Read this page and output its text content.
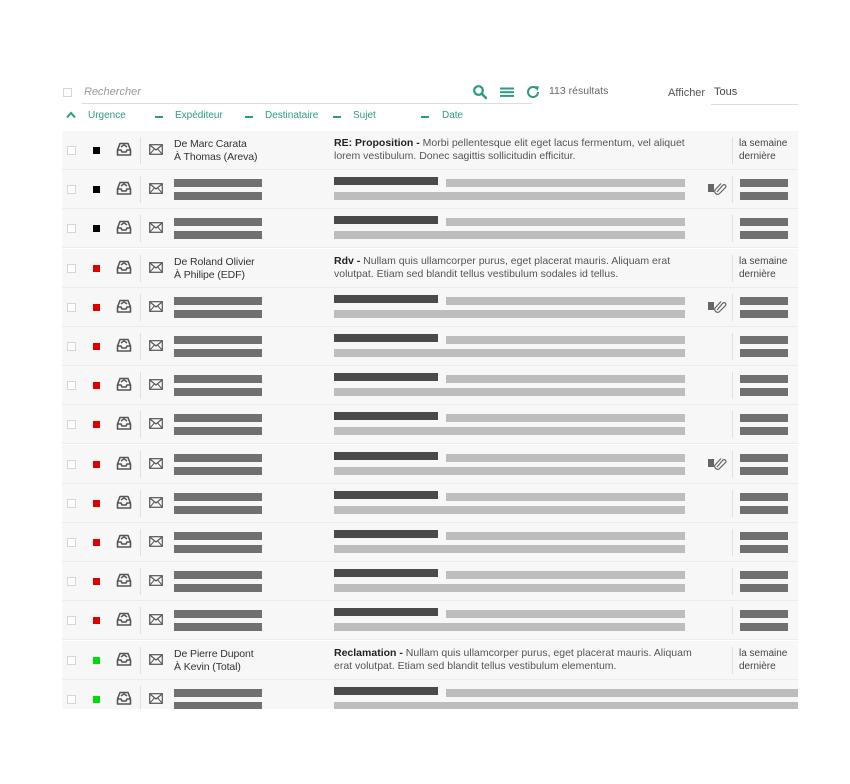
Rechercher
113 résultats	Afficher Tous
Urgence	Expéditeur	Destinataire	Sujet	Date
De Marc Carata
À Thomas (Areva)
RE: Proposition - Morbi pellentesque elit eget lacus fermentum, vel aliquet lorem vestibulum. Donec sagittis sollicitudin efficitur.
la semaine dernière
De Roland Olivier
À Philipe (EDF)
Rdv - Nullam quis ullamcorper purus, eget placerat mauris. Aliquam erat volutpat. Etiam sed blandit tellus vestibulum sodales id tellus.
la semaine dernière
De Pierre Dupont
À Kevin (Total)
Reclamation - Nullam quis ullamcorper purus, eget placerat mauris. Aliquam erat volutpat. Etiam sed blandit tellus vestibulum elementum.
la semaine dernière
